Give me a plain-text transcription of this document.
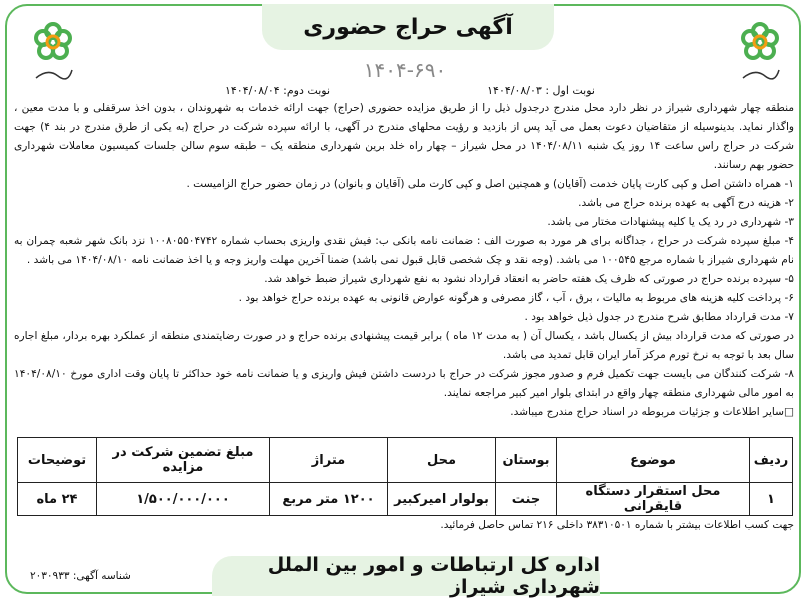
آگهی حراج حضوری
۱۴۰۴-۶۹۰
نوبت اول : ۱۴۰۴/۰۸/۰۳
نوبت دوم: ۱۴۰۴/۰۸/۰۴

منطقه چهار شهرداری شیراز در نظر دارد محل مندرج درجدول ذیل را از طریق مزایده حضوری (حراج) جهت ارائه خدمات به شهروندان ، بدون اخذ سرقفلی و با مدت معین ، واگذار نماید. بدینوسیله از متقاضیان دعوت بعمل می آید پس از بازدید و رؤیت محلهای مندرج در آگهی، با ارائه سپرده شرکت در حراج (به یکی از طرق مندرج در بند ۴) جهت شرکت در حراج راس ساعت ۱۴ روز یک شنبه ۱۴۰۴/۰۸/۱۱ در محل شیراز – چهار راه خلد برین شهرداری منطقه یک – طبقه سوم سالن جلسات کمیسیون معاملات شهرداری حضور بهم رسانند.

۱- همراه داشتن اصل و کپی کارت پایان خدمت (آقایان) و همچنین اصل و کپی کارت ملی (آقایان و بانوان) در زمان حضور حراج الزامیست .

۲- هزینه درج آگهی به عهده برنده حراج می باشد.

۳- شهرداری در رد یک یا کلیه پیشنهادات مختار می باشد.

۴- مبلغ سپرده شرکت در حراج ، جداگانه برای هر مورد به صورت الف : ضمانت نامه بانکی ب: فیش نقدی واریزی بحساب شماره ۱۰۰۸۰۵۵۰۴۷۴۲ نزد بانک شهر شعبه چمران به نام شهرداری شیراز با شماره مرجع ۱۰۰۵۴۵ می باشد. (وجه نقد و چک شخصی قابل قبول نمی باشد) ضمنا آخرین مهلت واریز وجه و یا اخذ ضمانت نامه ۱۴۰۴/۰۸/۱۰ می باشد .

۵- سپرده برنده حراج در صورتی که ظرف یک هفته حاضر به انعقاد قرارداد نشود به نفع شهرداری شیراز ضبط خواهد شد.

۶- پرداخت کلیه هزینه های مربوط به مالیات ، برق ، آب ، گاز مصرفی و هرگونه عوارض قانونی به عهده برنده حراج خواهد بود .

۷- مدت قرارداد مطابق شرح مندرج در جدول ذیل خواهد بود .

در صورتی که مدت قرارداد بیش از یکسال باشد ، یکسال آن ( به مدت ۱۲ ماه ) برابر قیمت پیشنهادی برنده حراج و در صورت رضایتمندی منطقه از عملکرد بهره بردار، مبلغ اجاره سال بعد با توجه به نرخ تورم مرکز آمار ایران قابل تمدید می باشد.

۸- شرکت کنندگان می بایست جهت تکمیل فرم و صدور مجوز شرکت در حراج با دردست داشتن فیش واریزی و یا ضمانت نامه خود حداکثر تا پایان وقت اداری مورخ ۱۴۰۴/۰۸/۱۰ به امور مالی شهرداری منطقه چهار واقع در ابتدای بلوار امیر کبیر مراجعه نمایند.

□سایر اطلاعات و جزئیات مربوطه در اسناد حراج مندرج میباشد.

ردیف	موضوع	بوستان	محل	متراژ	مبلغ تضمین شرکت در مزایده	توضیحات
۱	محل استقرار دستگاه قایقرانی	جنت	بولوار امیرکبیر	۱۲۰۰ متر مربع	۱/۵۰۰/۰۰۰/۰۰۰	۲۴ ماه
جهت کسب اطلاعات بیشتر با شماره ۳۸۳۱۰۵۰۱ داخلی ۲۱۶ تماس حاصل فرمائید.
اداره کل ارتباطات و امور بین الملل شهرداری شیراز
شناسه آگهی: ۲۰۳۰۹۳۳
